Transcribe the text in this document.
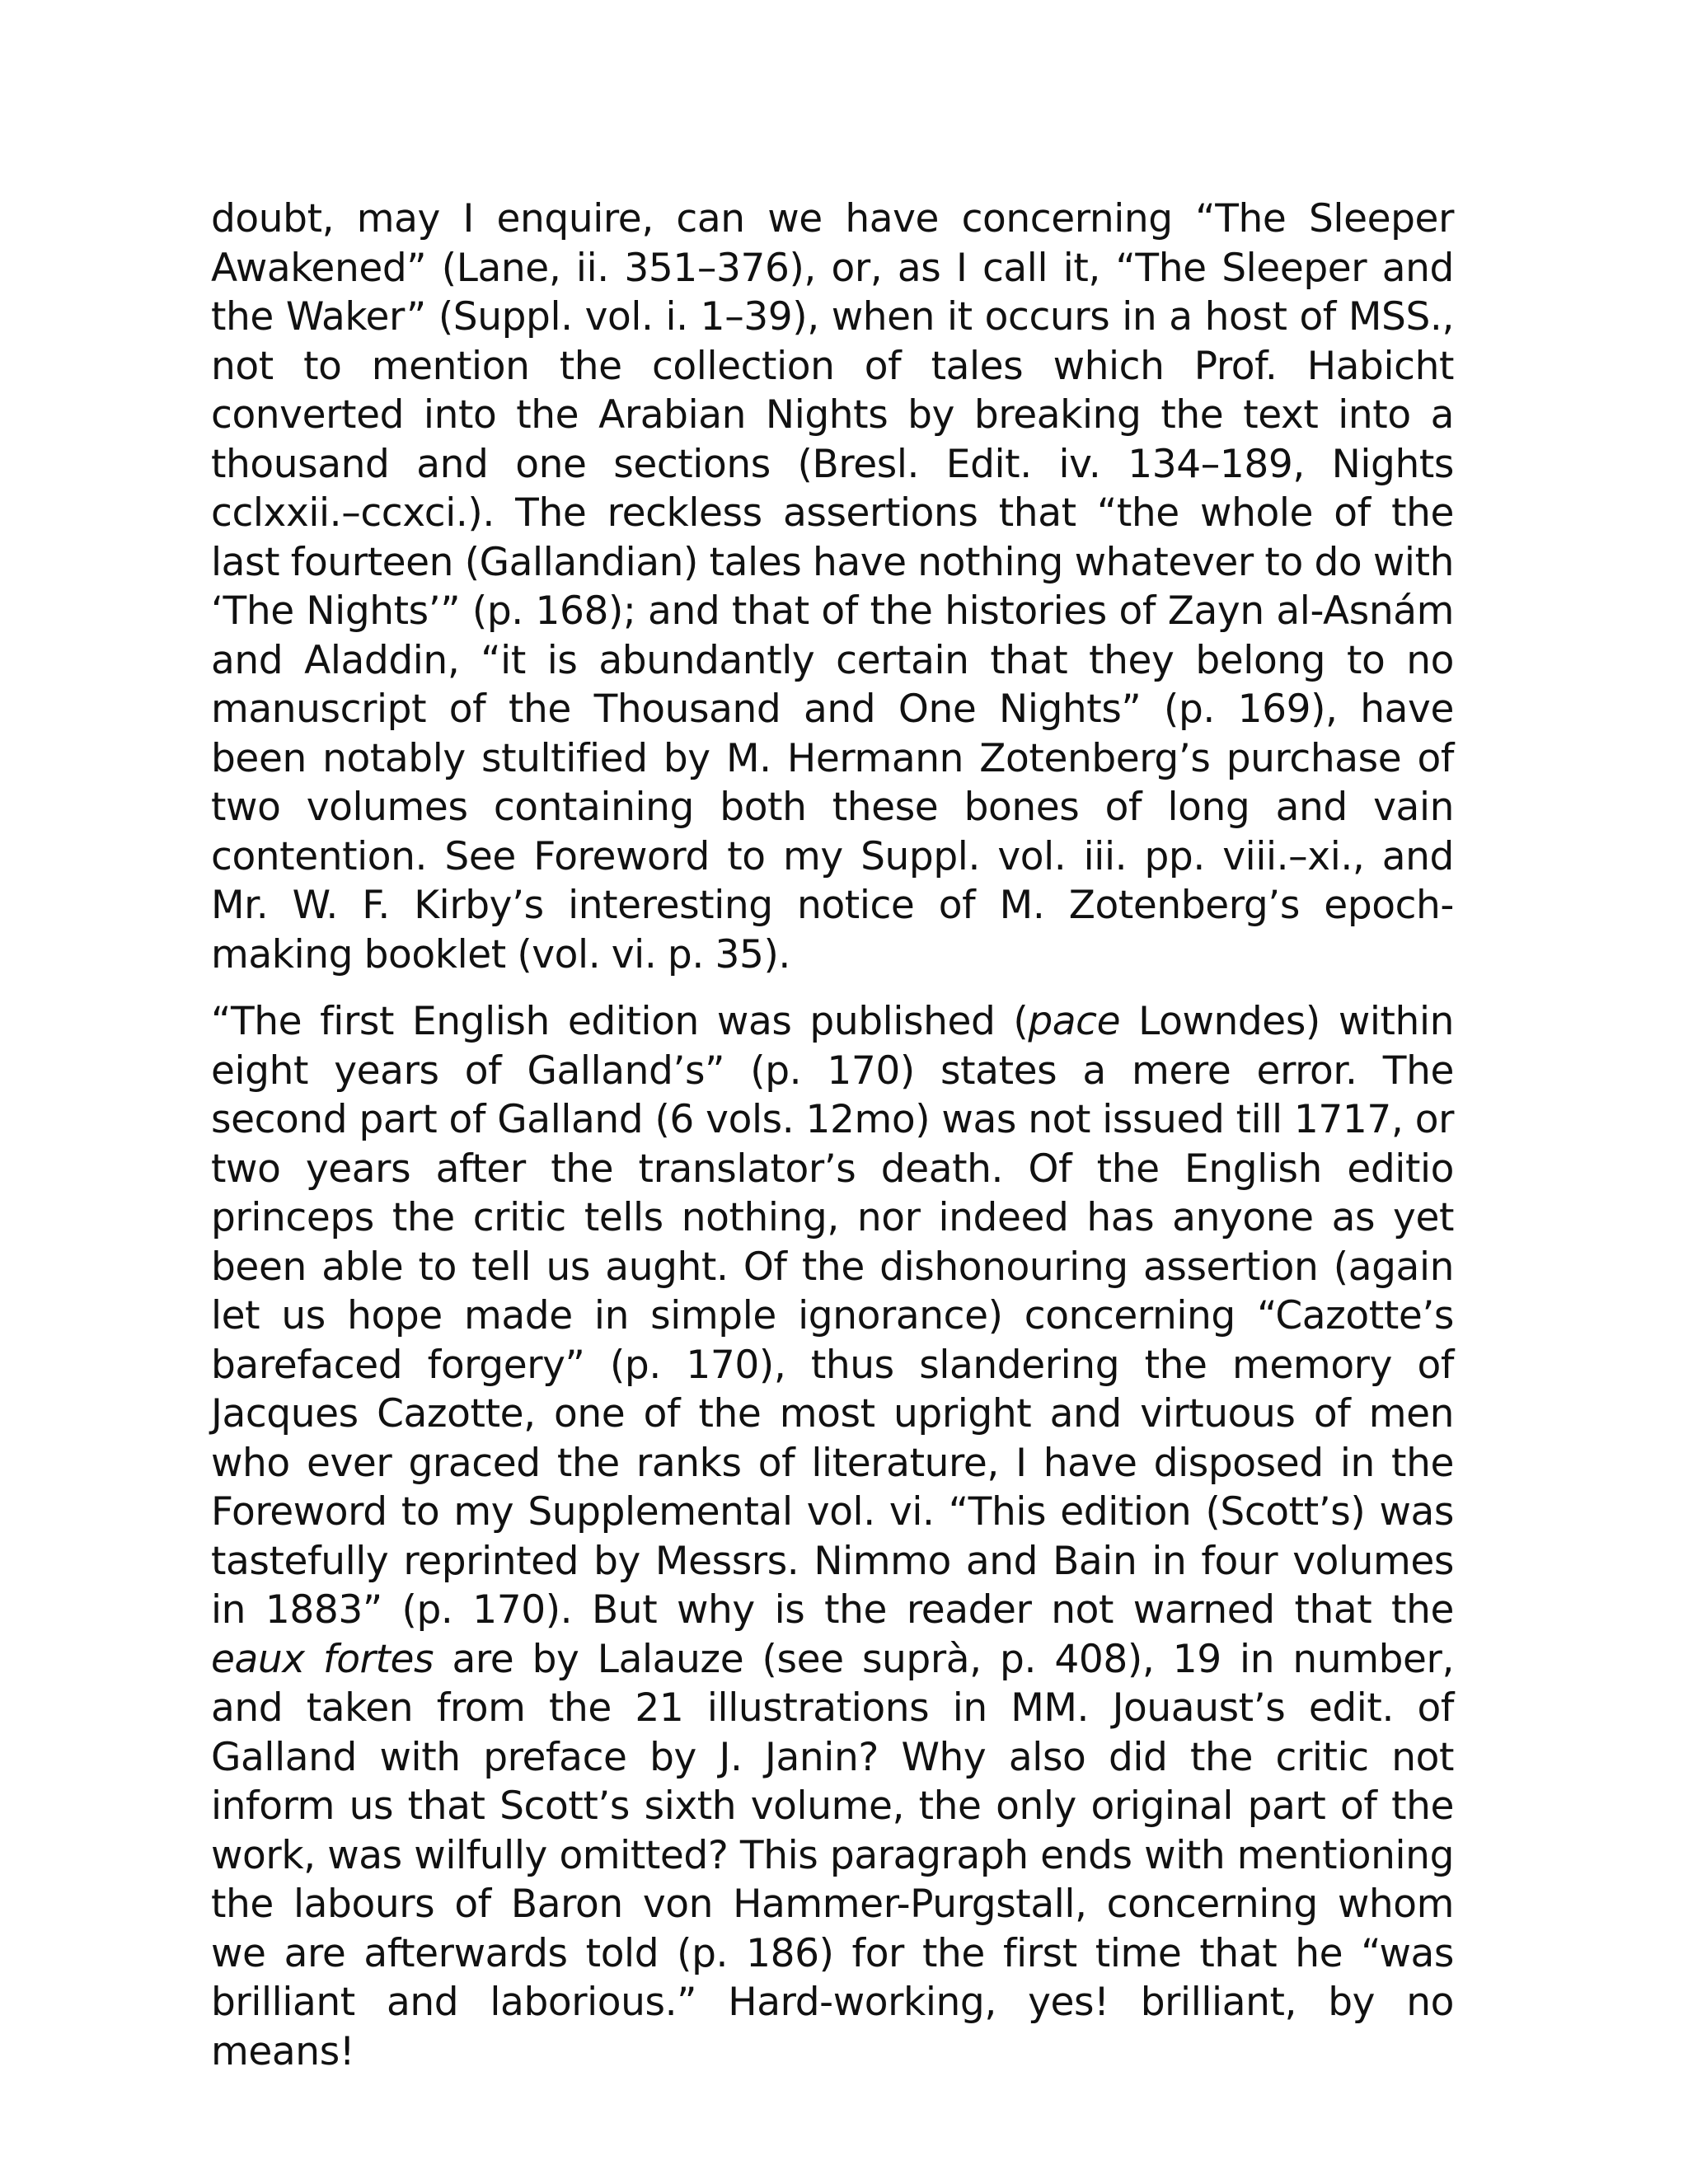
doubt, may I enquire, can we have concerning “The Sleeper Awakened” (Lane, ii. 351–376), or, as I call it, “The Sleeper and the Waker” (Suppl. vol. i. 1–39), when it occurs in a host of MSS., not to mention the collection of tales which Prof. Habicht converted into the Arabian Nights by breaking the text into a thousand and one sections (Bresl. Edit. iv. 134–189, Nights cclxxii.–ccxci.). The reckless assertions that “the whole of the last fourteen (Gallandian) tales have nothing whatever to do with ‘The Nights’” (p. 168); and that of the histories of Zayn al-Asnám and Aladdin, “it is abundantly certain that they belong to no manuscript of the Thousand and One Nights” (p. 169), have been notably stultified by M. Hermann Zotenberg’s purchase of two volumes containing both these bones of long and vain contention. See Foreword to my Suppl. vol. iii. pp. viii.–xi., and Mr. W. F. Kirby’s interesting notice of M. Zotenberg’s epoch-making booklet (vol. vi. p. 35).

“The first English edition was published (pace Lowndes) within eight years of Galland’s” (p. 170) states a mere error. The second part of Galland (6 vols. 12mo) was not issued till 1717, or two years after the translator’s death. Of the English editio princeps the critic tells nothing, nor indeed has anyone as yet been able to tell us aught. Of the dishonouring assertion (again let us hope made in simple ignorance) concerning “Cazotte’s barefaced forgery” (p. 170), thus slandering the memory of Jacques Cazotte, one of the most upright and virtuous of men who ever graced the ranks of literature, I have disposed in the Foreword to my Supplemental vol. vi. “This edition (Scott’s) was tastefully reprinted by Messrs. Nimmo and Bain in four volumes in 1883” (p. 170). But why is the reader not warned that the eaux fortes are by Lalauze (see suprà, p. 408), 19 in number, and taken from the 21 illustrations in MM. Jouaust’s edit. of Galland with preface by J. Janin? Why also did the critic not inform us that Scott’s sixth volume, the only original part of the work, was wilfully omitted? This paragraph ends with mentioning the labours of Baron von Hammer-Purgstall, concerning whom we are afterwards told (p. 186) for the first time that he “was brilliant and laborious.” Hard-working, yes! brilliant, by no means!
